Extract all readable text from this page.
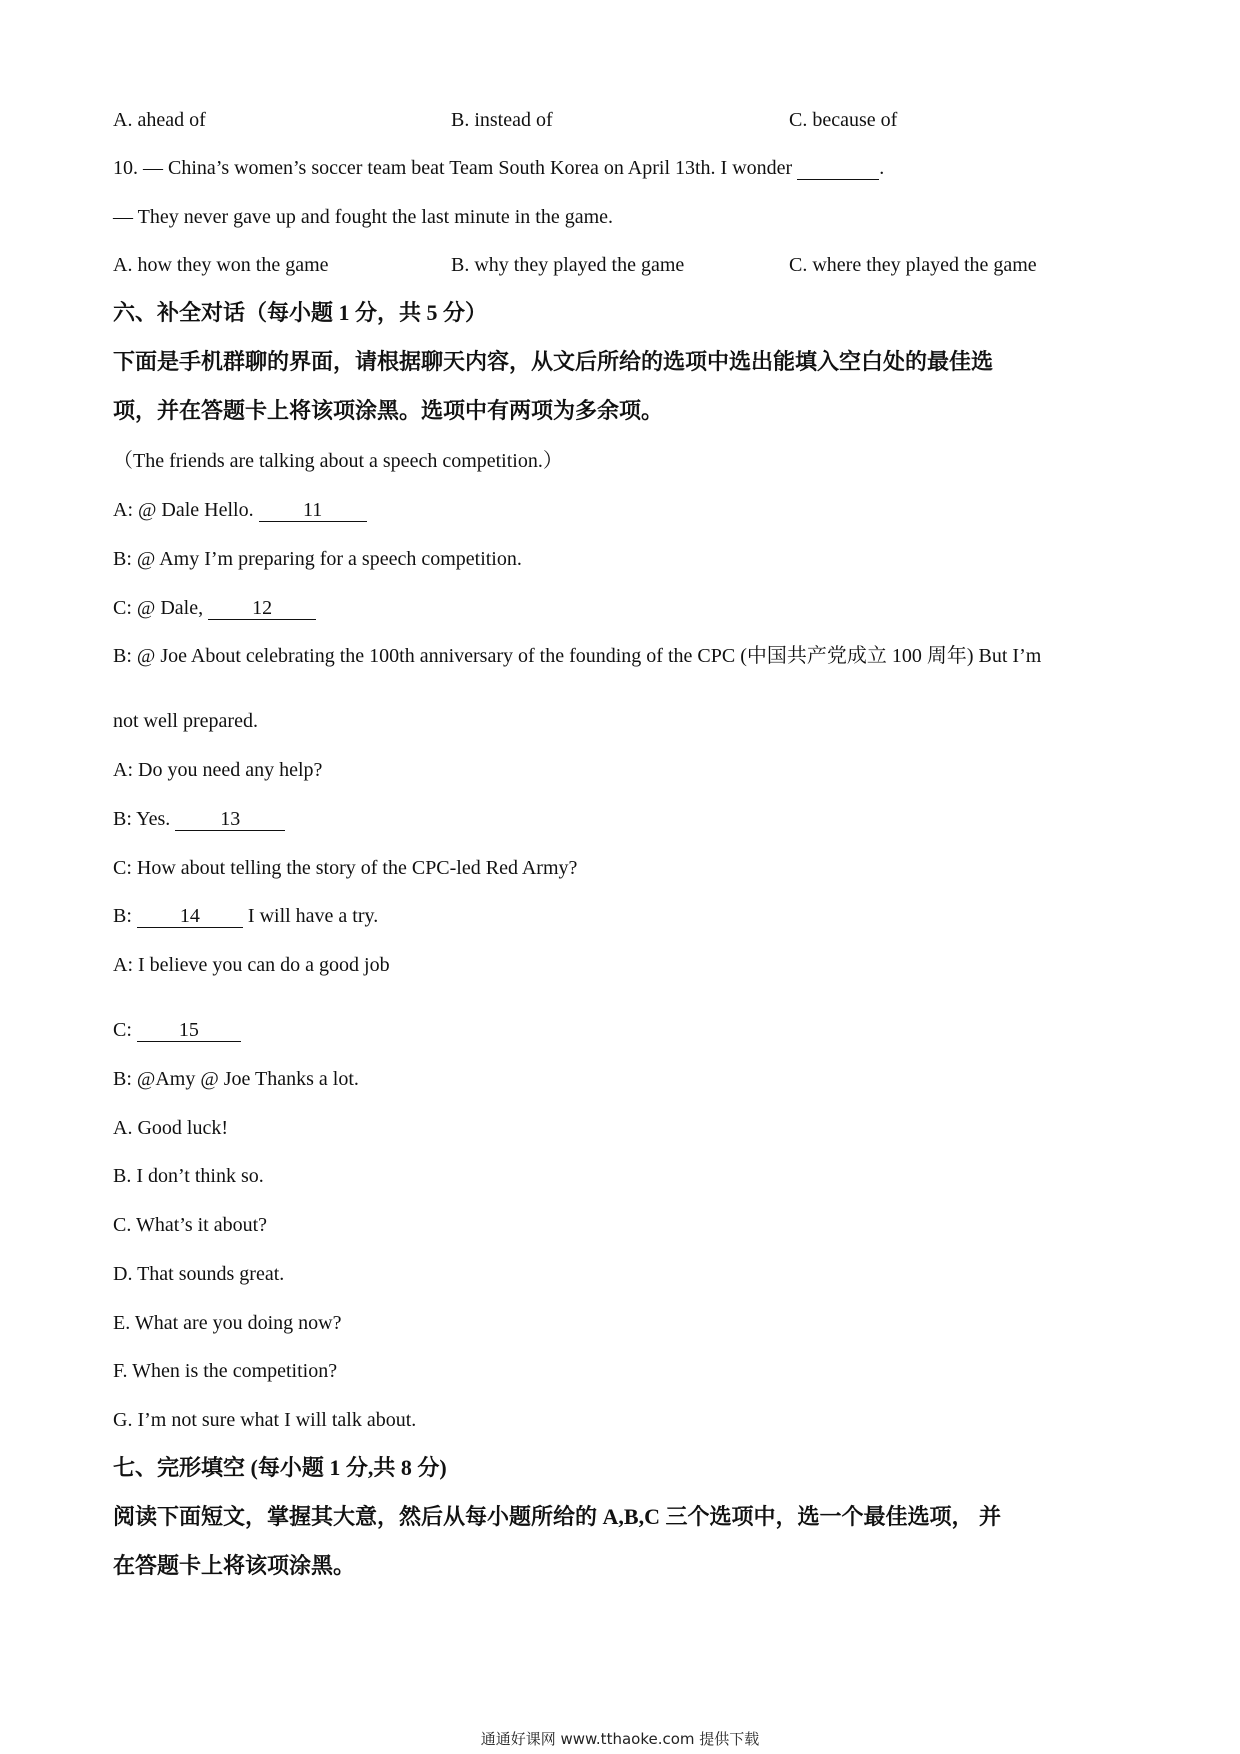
A. ahead of	B. instead of	C. because of
10. — China’s women’s soccer team beat Team South Korea on April 13th. I wonder	.
— They never gave up and fought the last minute in the game.
A. how they won the game	B. why they played the game	C. where they played the game
六、补全对话（每小题 1 分，共 5 分）
下面是手机群聊的界面，请根据聊天内容，从文后所给的选项中选出能填入空白处的最佳选
项，并在答题卡上将该项涂黑。选项中有两项为多余项。
（The friends are talking about a speech competition.）
A: @ Dale Hello. 11
B: @ Amy I’m preparing for a speech competition.
C: @ Dale, 12
B: @ Joe About celebrating the 100th anniversary of the founding of the CPC (中国共产党成立 100 周年) But I’m
not well prepared.
A: Do you need any help?
B: Yes.	13
C: How about telling the story of the CPC-led Red Army?
B: 14 I will have a try.
A: I believe you can do a good job
C: 15
B: @Amy @ Joe Thanks a lot.
A. Good luck!
B. I don’t think so.
C. What’s it about?
D. That sounds great.
E. What are you doing now?
F. When is the competition?
G. I’m not sure what I will talk about.
七、完形填空 (每小题 1 分,共 8 分)
阅读下面短文，掌握其大意，然后从每小题所给的 A,B,C 三个选项中，选一个最佳选项， 并
在答题卡上将该项涂黑。
通通好课网 www.tthaoke.com 提供下载
